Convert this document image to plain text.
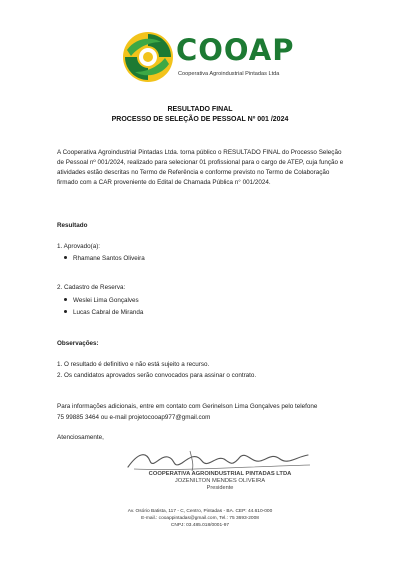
COOAP
Cooperativa Agroindustrial Pintadas Ltda
RESULTADO FINAL
PROCESSO DE SELEÇÃO DE PESSOAL Nº 001 /2024
A Cooperativa Agroindustrial Pintadas Ltda. torna público o RESULTADO FINAL do Processo Seleção de Pessoal nº 001/2024, realizado para selecionar 01 profissional para o cargo de ATEP, cuja função e atividades estão descritas no Termo de Referência e conforme previsto no Termo de Colaboração firmado com a CAR proveniente do Edital de Chamada Pública n° 001/2024.
Resultado
1. Aprovado(a):
Rhamane Santos Oliveira
2. Cadastro de Reserva:
Weslei Lima Gonçalves
Lucas Cabral de Miranda
Observações:
1. O resultado é definitivo e não está sujeito a recurso.
2. Os candidatos aprovados serão convocados para assinar o contrato.
Para informações adicionais, entre em contato com Gerinelson Lima Gonçalves pelo telefone
75 99885 3464 ou e-mail projetocooap977@gmail.com
Atenciosamente,
COOPERATIVA AGROINDUSTRIAL PINTADAS LTDA
JOZENILTON MENDES OLIVEIRA
Presidente
Av. Osório Batista, 117 - C, Centro, Pintadas - BA. CEP: 44.610-000
E-mail.: cooappintadas@gmail.com, Tel.: 75 3693-2008
CNPJ: 03.485.018/0001-97
